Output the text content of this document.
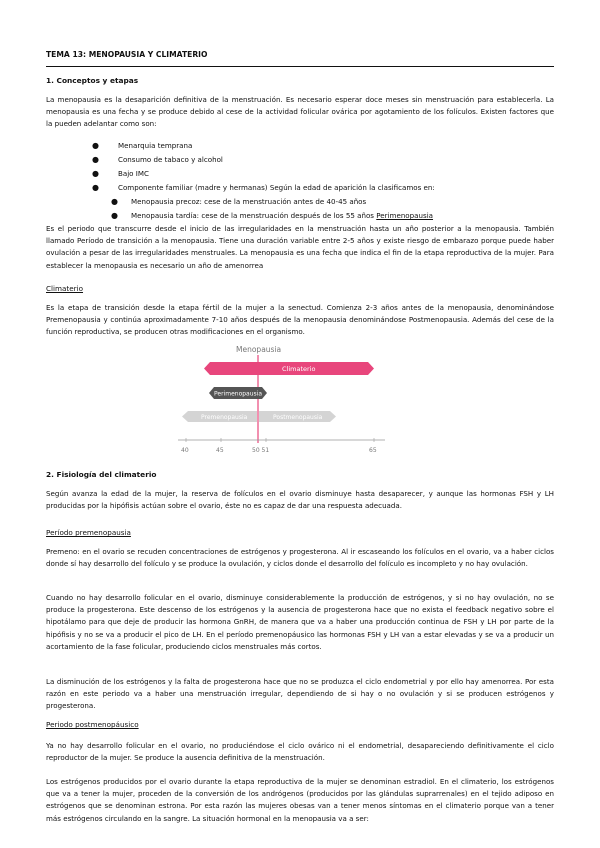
TEMA 13: MENOPAUSIA Y CLIMATERIO
1. Conceptos y etapas

La menopausia es la desaparición definitiva de la menstruación. Es necesario esperar doce meses sin menstruación para establecerla. La menopausia es una fecha y se produce debido al cese de la actividad folicular ovárica por agotamiento de los folículos. Existen factores que la pueden adelantar como son:

●	Menarquia temprana
●	Consumo de tabaco y alcohol
●	Bajo IMC
●	Componente familiar (madre y hermanas) Según la edad de aparición la clasificamos en:
● Menopausia precoz: cese de la menstruación antes de 40-45 años
● Menopausia tardía: cese de la menstruación después de los 55 años Perimenopausia

Es el periodo que transcurre desde el inicio de las irregularidades en la menstruación hasta un año posterior a la menopausia. También llamado Período de transición a la menopausia. Tiene una duración variable entre 2-5 años y existe riesgo de embarazo porque puede haber ovulación a pesar de las irregularidades menstruales. La menopausia es una fecha que indica el fin de la etapa reproductiva de la mujer. Para establecer la menopausia es necesario un año de amenorrea

Climaterio

Es la etapa de transición desde la etapa fértil de la mujer a la senectud. Comienza 2-3 años antes de la menopausia, denominándose Premenopausia y continúa aproximadamente 7-10 años después de la menopausia denominándose Postmenopausia. Además del cese de la función reproductiva, se producen otras modificaciones en el organismo.

Menopausia
Climaterio
Perimenopausia
Premenopausia	Postmenopausia
40	45	50 51	65
2. Fisiología del climaterio

Según avanza la edad de la mujer, la reserva de folículos en el ovario disminuye hasta desaparecer, y aunque las hormonas FSH y LH producidas por la hipófisis actúan sobre el ovario, éste no es capaz de dar una respuesta adecuada.

Período premenopausia

Premeno: en el ovario se recuden concentraciones de estrógenos y progesterona. Al ir escaseando los folículos en el ovario, va a haber ciclos donde sí hay desarrollo del folículo y se produce la ovulación, y ciclos donde el desarrollo del folículo es incompleto y no hay ovulación.

Cuando no hay desarrollo folicular en el ovario, disminuye considerablemente la producción de estrógenos, y si no hay ovulación, no se produce la progesterona. Este descenso de los estrógenos y la ausencia de progesterona hace que no exista el feedback negativo sobre el hipotálamo para que deje de producir las hormona GnRH, de manera que va a haber una producción continua de FSH y LH por parte de la hipófisis y no se va a producir el pico de LH. En el período premenopáusico las hormonas FSH y LH van a estar elevadas y se va a producir un acortamiento de la fase folicular, produciendo ciclos menstruales más cortos.

La disminución de los estrógenos y la falta de progesterona hace que no se produzca el ciclo endometrial y por ello hay amenorrea. Por esta razón en este periodo va a haber una menstruación irregular, dependiendo de si hay o no ovulación y si se producen estrógenos y progesterona.

Periodo postmenopáusico

Ya no hay desarrollo folicular en el ovario, no produciéndose el ciclo ovárico ni el endometrial, desapareciendo definitivamente el ciclo reproductor de la mujer. Se produce la ausencia definitiva de la menstruación.

Los estrógenos producidos por el ovario durante la etapa reproductiva de la mujer se denominan estradiol. En el climaterio, los estrógenos que va a tener la mujer, proceden de la conversión de los andrógenos (producidos por las glándulas suprarrenales) en el tejido adiposo en estrógenos que se denominan estrona. Por esta razón las mujeres obesas van a tener menos síntomas en el climaterio porque van a tener más estrógenos circulando en la sangre. La situación hormonal en la menopausia va a ser:
